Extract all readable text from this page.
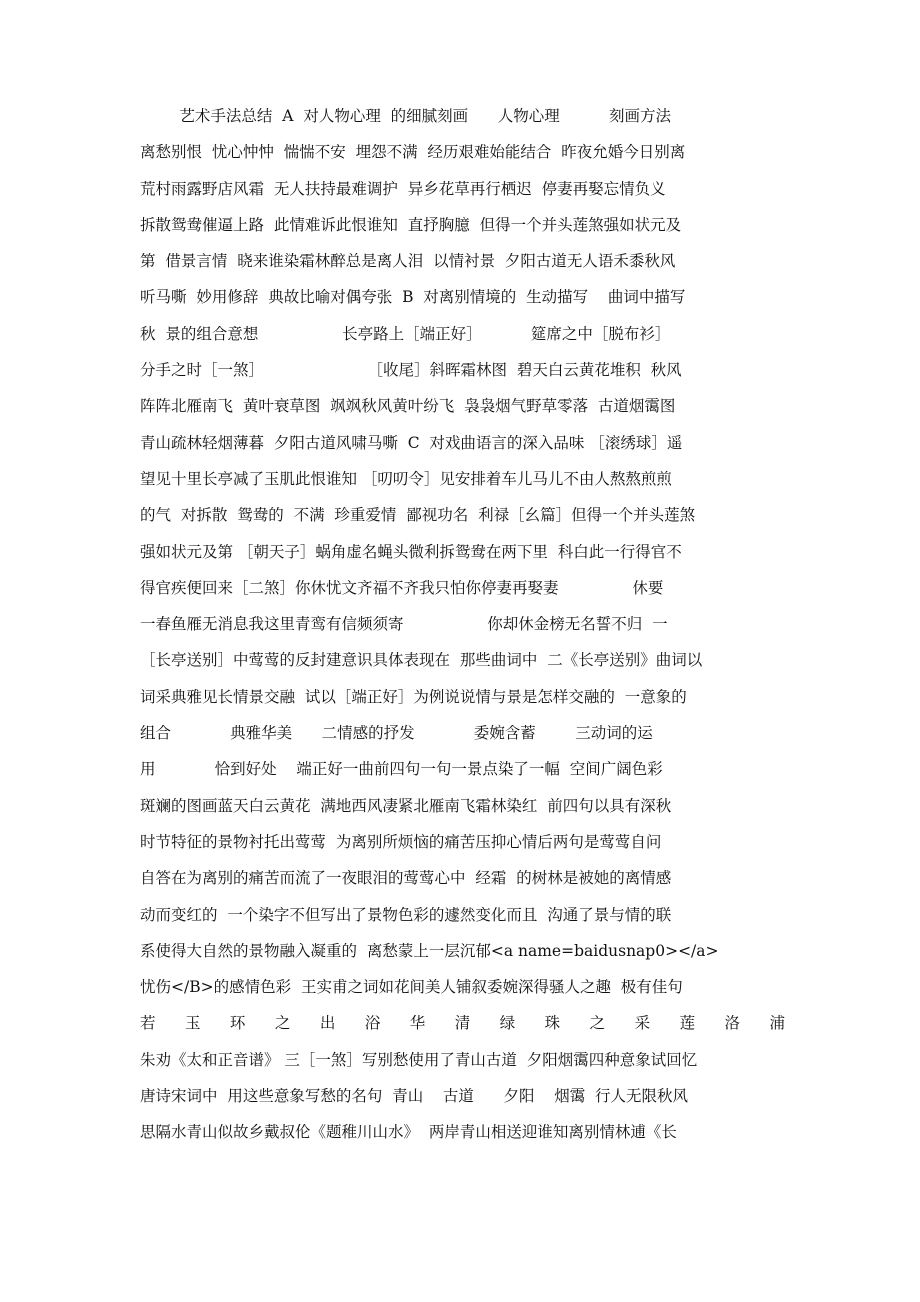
艺术手法总结  A  对人物心理  的细腻刻画      人物心理          刻画方法
离愁别恨  忧心忡忡  惴惴不安  埋怨不满  经历艰难始能结合  昨夜允婚今日别离
荒村雨露野店风霜  无人扶持最难调护  异乡花草再行栖迟  停妻再娶忘情负义
拆散鸳鸯催逼上路  此情难诉此恨谁知  直抒胸臆  但得一个并头莲煞强如状元及
第  借景言情  晓来谁染霜林醉总是离人泪  以情衬景  夕阳古道无人语禾黍秋风
听马嘶  妙用修辞  典故比喻对偶夸张  B  对离别情境的  生动描写    曲词中描写
秋  景的组合意想                 长亭路上［端正好］          筵席之中［脱布衫］
分手之时［一煞］                     ［收尾］斜晖霜林图  碧天白云黄花堆积  秋风
阵阵北雁南飞  黄叶衰草图  飒飒秋风黄叶纷飞  袅袅烟气野草零落  古道烟霭图
青山疏林轻烟薄暮  夕阳古道风啸马嘶  C  对戏曲语言的深入品味 ［滚绣球］遥
望见十里长亭减了玉肌此恨谁知 ［叨叨令］见安排着车儿马儿不由人熬熬煎煎
的气  对拆散  鸳鸯的  不满  珍重爱情  鄙视功名  利禄［幺篇］但得一个并头莲煞
强如状元及第 ［朝天子］蜗角虚名蝇头微利拆鸳鸯在两下里  科白此一行得官不
得官疾便回来［二煞］你休忧文齐福不齐我只怕你停妻再娶妻               休要
一春鱼雁无消息我这里青鸾有信频须寄                 你却休金榜无名誓不归  一
［长亭送别］中莺莺的反封建意识具体表现在  那些曲词中  二《长亭送别》曲词以
词采典雅见长情景交融  试以［端正好］为例说说情与景是怎样交融的  一意象的
组合            典雅华美      二情感的抒发            委婉含蓄        三动词的运
用            恰到好处    端正好一曲前四句一句一景点染了一幅  空间广阔色彩
斑斓的图画蓝天白云黄花  满地西风凄紧北雁南飞霜林染红  前四句以具有深秋
时节特征的景物衬托出莺莺  为离别所烦恼的痛苦压抑心情后两句是莺莺自问
自答在为离别的痛苦而流了一夜眼泪的莺莺心中  经霜  的树林是被她的离情感
动而变红的  一个染字不但写出了景物色彩的遽然变化而且  沟通了景与情的联
系使得大自然的景物融入凝重的  离愁蒙上一层沉郁<a name=baidusnap0></a>
忧伤</B>的感情色彩  王实甫之词如花间美人铺叙委婉深得骚人之趣  极有佳句
若 玉 环 之 出 浴 华 清 绿 珠 之 采 莲 洛 浦
朱劝《太和正音谱》 三［一煞］写别愁使用了青山古道  夕阳烟霭四种意象试回忆
唐诗宋词中  用这些意象写愁的名句  青山    古道      夕阳    烟霭  行人无限秋风
思隔水青山似故乡戴叔伦《题稚川山水》  两岸青山相送迎谁知离别情林逋《长
